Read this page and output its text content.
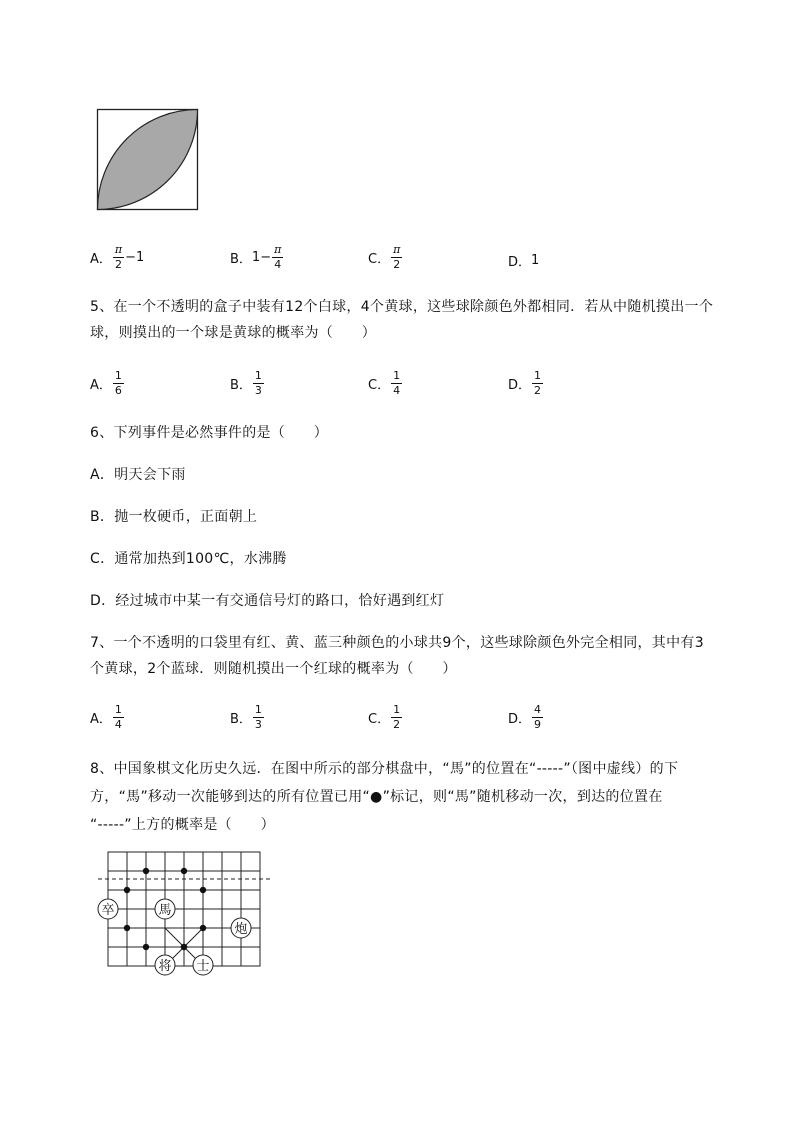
A． $\frac{\pi}{2} -1$	B． $1- \frac{\pi}{4}$	C． $\frac{\pi}{2}$	D． 1
5、在一个不透明的盒子中装有12个白球，4个黄球，这些球除颜色外都相同．若从中随机摸出一个
球，则摸出的一个球是黄球的概率为（　　）
A． $\frac{1}{6}$	B． $\frac{1}{3}$	C． $\frac{1}{4}$	D． $\frac{1}{2}$
6、下列事件是必然事件的是（　　）
A．明天会下雨
B．抛一枚硬币，正面朝上
C．通常加热到100℃，水沸腾
D．经过城市中某一有交通信号灯的路口，恰好遇到红灯
7、一个不透明的口袋里有红、黄、蓝三种颜色的小球共9个，这些球除颜色外完全相同，其中有3
个黄球，2个蓝球．则随机摸出一个红球的概率为（　　）
A． $\frac{1}{4}$	B． $\frac{1}{3}$	C． $\frac{1}{2}$	D． $\frac{4}{9}$
8、中国象棋文化历史久远．在图中所示的部分棋盘中，“馬”的位置在“-----”（图中虚线）的下
方，“馬”移动一次能够到达的所有位置已用“●”标记，则“馬”随机移动一次，到达的位置在
“-----”上方的概率是（　　）
卒	馬
炮
将 士
